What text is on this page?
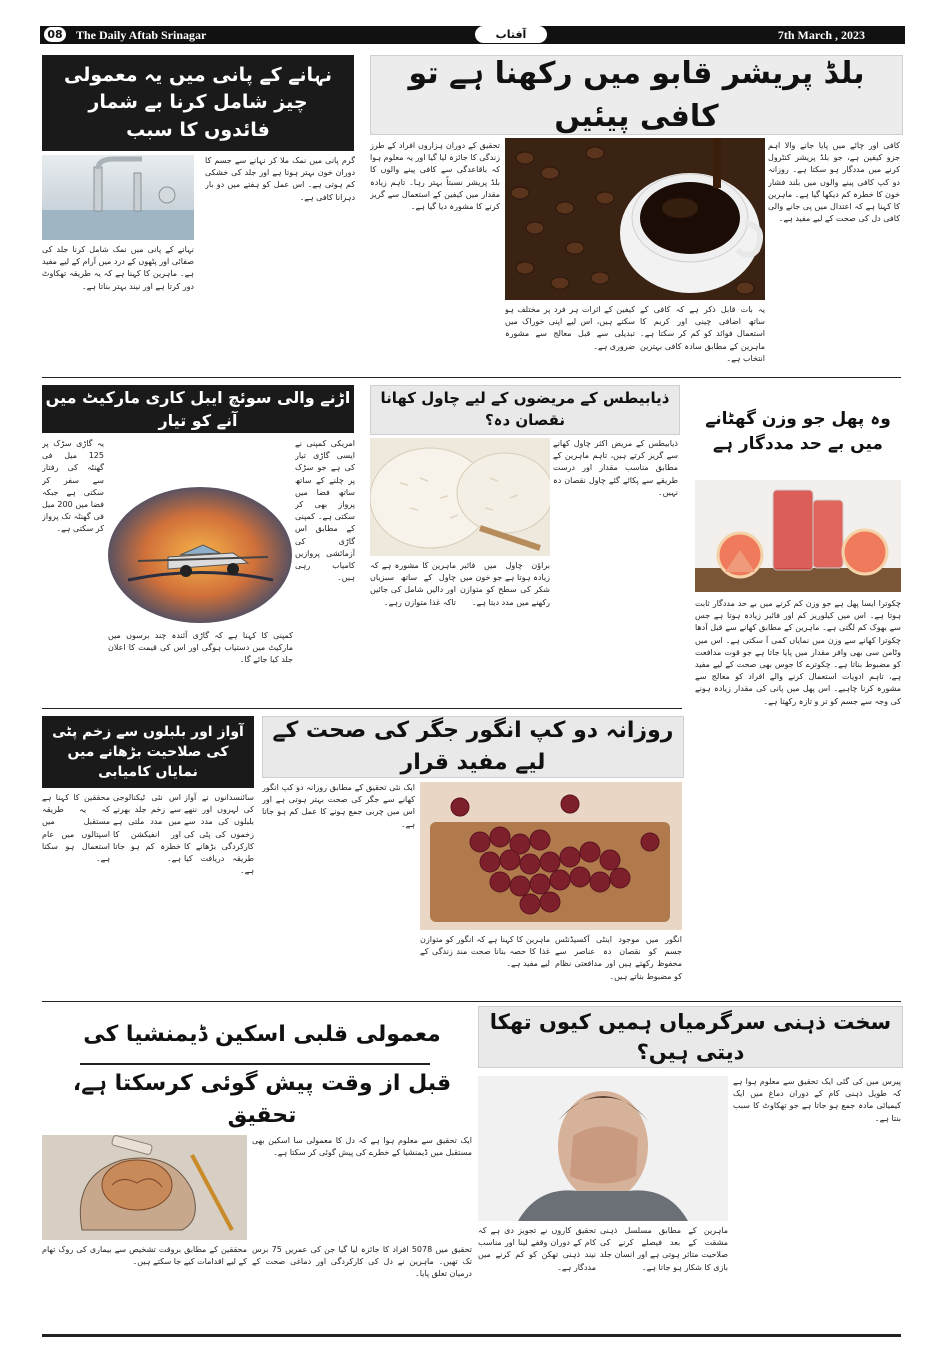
08 The Daily Aftab Srinagar	آفتاب	7th March , 2023
نہانے کے پانی میں یہ معمولی چیز شامل کرنا بے شمار فائدوں کا سبب
نہانے کے پانی میں نمک شامل کرنا جلد کی صفائی اور پٹھوں کے درد میں آرام کے لیے مفید ہے۔ ماہرین کا کہنا ہے کہ یہ طریقہ تھکاوٹ دور کرتا ہے اور نیند بہتر بناتا ہے۔
گرم پانی میں نمک ملا کر نہانے سے جسم کا دوران خون بہتر ہوتا ہے اور جلد کی خشکی کم ہوتی ہے۔ اس عمل کو ہفتے میں دو بار دہرانا کافی ہے۔
بلڈ پریشر قابو میں رکھنا ہے تو کافی پیئیں
کافی اور چائے میں پایا جانے والا اہم جزو کیفین ہے، جو بلڈ پریشر کنٹرول کرنے میں مددگار ہو سکتا ہے۔ روزانہ دو کپ کافی پینے والوں میں بلند فشار خون کا خطرہ کم دیکھا گیا ہے۔ ماہرین کا کہنا ہے کہ اعتدال میں پی جانے والی کافی دل کی صحت کے لیے مفید ہے۔
تحقیق کے دوران ہزاروں افراد کے طرز زندگی کا جائزہ لیا گیا اور یہ معلوم ہوا کہ باقاعدگی سے کافی پینے والوں کا بلڈ پریشر نسبتاً بہتر رہا۔ تاہم زیادہ مقدار میں کیفین کے استعمال سے گریز کرنے کا مشورہ دیا گیا ہے۔
یہ بات قابل ذکر ہے کہ کافی کے ساتھ اضافی چینی اور کریم کا استعمال فوائد کو کم کر سکتا ہے۔ ماہرین کے مطابق سادہ کافی بہترین انتخاب ہے۔
کیفین کے اثرات ہر فرد پر مختلف ہو سکتے ہیں، اس لیے اپنی خوراک میں تبدیلی سے قبل معالج سے مشورہ ضروری ہے۔
اڑنے والی سوئچ ایبل کاری مارکیٹ میں آنے کو تیار
امریکی کمپنی نے ایسی گاڑی تیار کی ہے جو سڑک پر چلنے کے ساتھ ساتھ فضا میں پرواز بھی کر سکتی ہے۔ کمپنی کے مطابق اس گاڑی کی آزمائشی پروازیں کامیاب رہی ہیں۔
یہ گاڑی سڑک پر 125 میل فی گھنٹہ کی رفتار سے سفر کر سکتی ہے جبکہ فضا میں 200 میل فی گھنٹہ تک پرواز کر سکتی ہے۔
کمپنی کا کہنا ہے کہ گاڑی آئندہ چند برسوں میں مارکیٹ میں دستیاب ہوگی اور اس کی قیمت کا اعلان جلد کیا جائے گا۔
ذیابیطس کے مریضوں کے لیے چاول کھانا نقصان دہ؟
ذیابیطس کے مریض اکثر چاول کھانے سے گریز کرتے ہیں، تاہم ماہرین کے مطابق مناسب مقدار اور درست طریقے سے پکائے گئے چاول نقصان دہ نہیں۔
براؤن چاول میں فائبر زیادہ ہوتا ہے جو خون میں شکر کی سطح کو متوازن رکھنے میں مدد دیتا ہے۔
ماہرین کا مشورہ ہے کہ چاول کے ساتھ سبزیاں اور دالیں شامل کی جائیں تاکہ غذا متوازن رہے۔
وہ پھل جو وزن گھٹانے میں بے حد مددگار ہے
چکوترا ایسا پھل ہے جو وزن کم کرنے میں بے حد مددگار ثابت ہوتا ہے۔ اس میں کیلوریز کم اور فائبر زیادہ ہوتا ہے جس سے بھوک کم لگتی ہے۔ ماہرین کے مطابق کھانے سے قبل آدھا چکوترا کھانے سے وزن میں نمایاں کمی آ سکتی ہے۔ اس میں وٹامن سی بھی وافر مقدار میں پایا جاتا ہے جو قوت مدافعت کو مضبوط بناتا ہے۔ چکوترے کا جوس بھی صحت کے لیے مفید ہے، تاہم ادویات استعمال کرنے والے افراد کو معالج سے مشورہ کرنا چاہیے۔ اس پھل میں پانی کی مقدار زیادہ ہونے کی وجہ سے جسم کو تر و تازہ رکھتا ہے۔
آواز اور بلبلوں سے زخم پٹی کی صلاحیت بڑھانے میں نمایاں کامیابی
سائنسدانوں نے آواز کی لہروں اور ننھے بلبلوں کی مدد سے زخموں کی پٹی کی کارکردگی بڑھانے کا طریقہ دریافت کیا ہے۔
اس نئی ٹیکنالوجی سے زخم جلد بھرنے میں مدد ملتی ہے اور انفیکشن کا خطرہ کم ہو جاتا ہے۔
محققین کا کہنا ہے کہ یہ طریقہ مستقبل میں اسپتالوں میں عام استعمال ہو سکتا ہے۔
روزانہ دو کپ انگور جگر کی صحت کے لیے مفید قرار
ایک نئی تحقیق کے مطابق روزانہ دو کپ انگور کھانے سے جگر کی صحت بہتر ہوتی ہے اور اس میں چربی جمع ہونے کا عمل کم ہو جاتا ہے۔
انگور میں موجود اینٹی آکسیڈنٹس جسم کو نقصان دہ عناصر سے محفوظ رکھتے ہیں اور مدافعتی نظام کو مضبوط بناتے ہیں۔
ماہرین کا کہنا ہے کہ انگور کو متوازن غذا کا حصہ بنانا صحت مند زندگی کے لیے مفید ہے۔
سخت ذہنی سرگرمیاں ہمیں کیوں تھکا دیتی ہیں؟
پیرس میں کی گئی ایک تحقیق سے معلوم ہوا ہے کہ طویل ذہنی کام کے دوران دماغ میں ایک کیمیائی مادہ جمع ہو جاتا ہے جو تھکاوٹ کا سبب بنتا ہے۔
ماہرین کے مطابق مسلسل ذہنی مشقت کے بعد فیصلے کرنے کی صلاحیت متاثر ہوتی ہے اور انسان جلد بازی کا شکار ہو جاتا ہے۔
تحقیق کاروں نے تجویز دی ہے کہ کام کے دوران وقفے لینا اور مناسب نیند ذہنی تھکن کو کم کرنے میں مددگار ہے۔
معمولی قلبی اسکین ڈیمنشیا کی
قبل از وقت پیش گوئی کرسکتا ہے، تحقیق
ایک تحقیق سے معلوم ہوا ہے کہ دل کا معمولی سا اسکین بھی مستقبل میں ڈیمنشیا کے خطرے کی پیش گوئی کر سکتا ہے۔
تحقیق میں 5078 افراد کا جائزہ لیا گیا جن کی عمریں 75 برس تک تھیں۔ ماہرین نے دل کی کارکردگی اور دماغی صحت کے درمیان تعلق پایا۔
محققین کے مطابق بروقت تشخیص سے بیماری کی روک تھام کے لیے اقدامات کیے جا سکتے ہیں۔
